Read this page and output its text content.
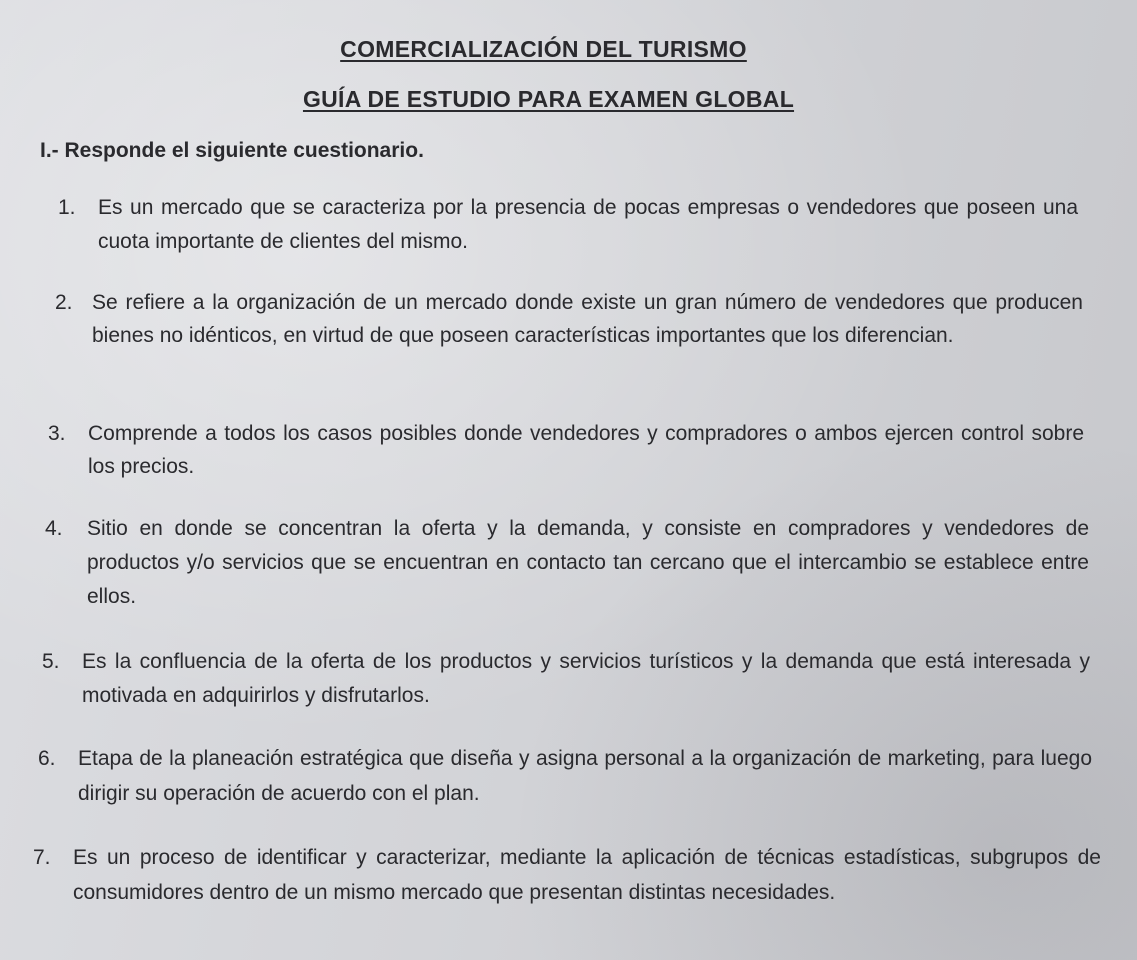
COMERCIALIZACIÓN DEL TURISMO
GUÍA DE ESTUDIO PARA EXAMEN GLOBAL

I.- Responde el siguiente cuestionario.

1. Es un mercado que se caracteriza por la presencia de pocas empresas o vendedores que poseen una cuota importante de clientes del mismo.
2. Se refiere a la organización de un mercado donde existe un gran número de vendedores que producen bienes no idénticos, en virtud de que poseen características importantes que los diferencian.
3. Comprende a todos los casos posibles donde vendedores y compradores o ambos ejercen control sobre los precios.
4. Sitio en donde se concentran la oferta y la demanda, y consiste en compradores y vendedores de productos y/o servicios que se encuentran en contacto tan cercano que el intercambio se establece entre ellos.
5. Es la confluencia de la oferta de los productos y servicios turísticos y la demanda que está interesada y motivada en adquirirlos y disfrutarlos.
6. Etapa de la planeación estratégica que diseña y asigna personal a la organización de marketing, para luego dirigir su operación de acuerdo con el plan.
7. Es un proceso de identificar y caracterizar, mediante la aplicación de técnicas estadísticas, subgrupos de consumidores dentro de un mismo mercado que presentan distintas necesidades.
